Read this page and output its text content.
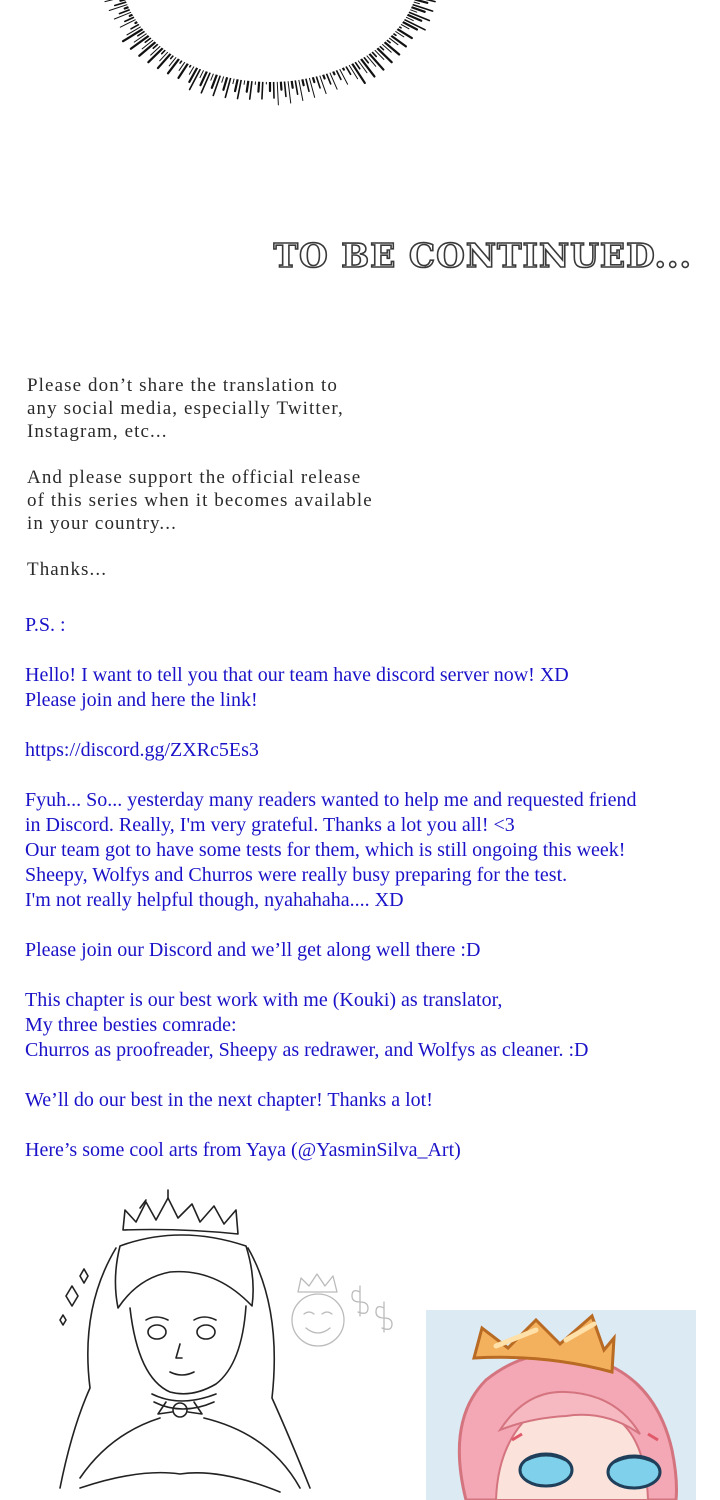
TO BE CONTINUED...

Please don’t share the translation to
any social media, especially Twitter,
Instagram, etc...

And please support the official release
of this series when it becomes available
in your country...

Thanks...

P.S. :

Hello! I want to tell you that our team have discord server now! XD
Please join and here the link!

https://discord.gg/ZXRc5Es3

Fyuh... So... yesterday many readers wanted to help me and requested friend
in Discord. Really, I'm very grateful. Thanks a lot you all! <3
Our team got to have some tests for them, which is still ongoing this week!
Sheepy, Wolfys and Churros were really busy preparing for the test.
I'm not really helpful though, nyahahaha.... XD

Please join our Discord and we’ll get along well there :D

This chapter is our best work with me (Kouki) as translator,
My three besties comrade:
Churros as proofreader, Sheepy as redrawer, and Wolfys as cleaner. :D

We’ll do our best in the next chapter! Thanks a lot!

Here’s some cool arts from Yaya (@YasminSilva_Art)
